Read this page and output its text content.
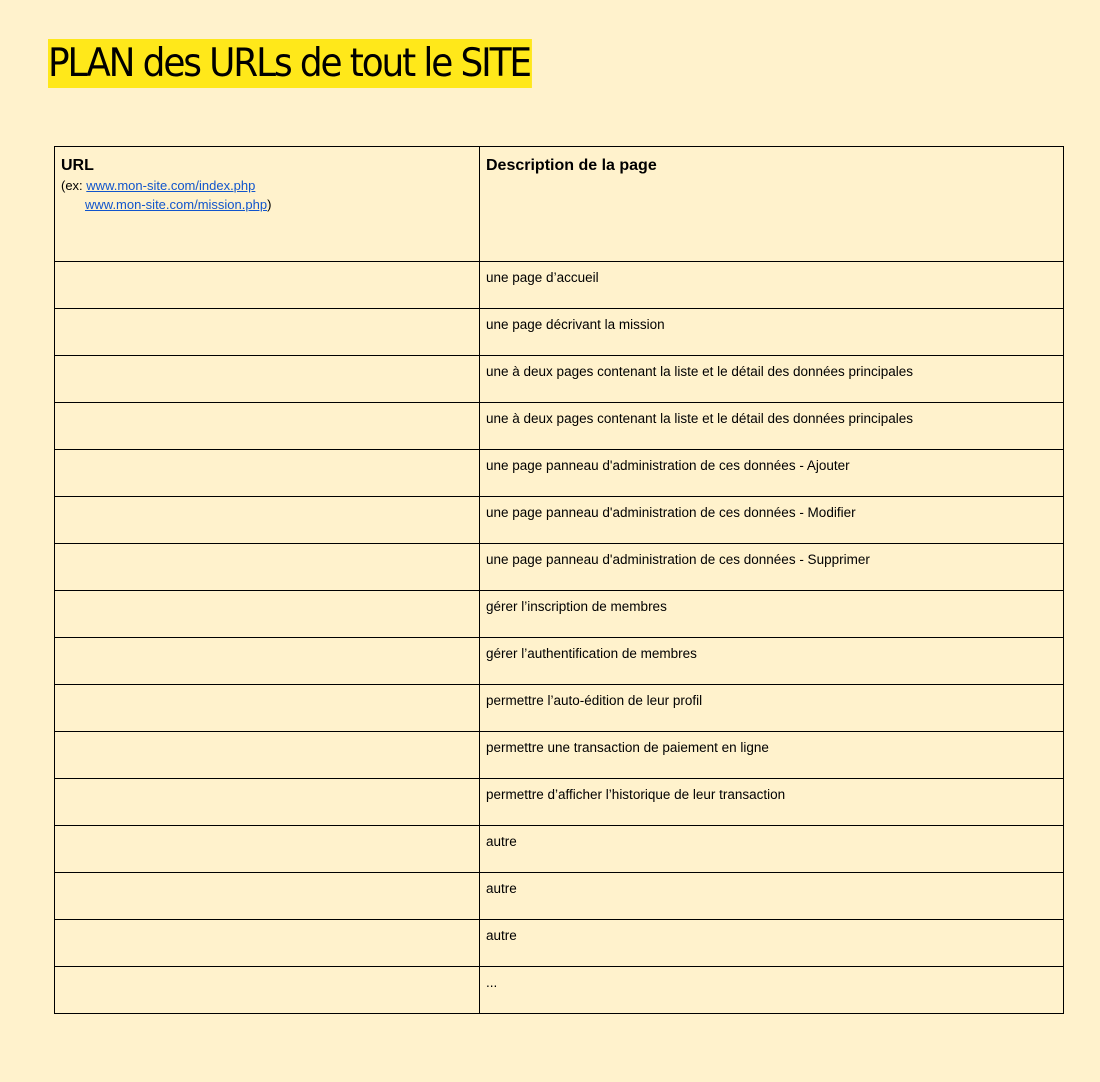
PLAN des URLs de tout le SITE
URL
(ex: www.mon-site.com/index.php
www.mon-site.com/mission.php)	Description de la page

	une page d’accueil
	une page décrivant la mission
	une à deux pages contenant la liste et le détail des données principales
	une à deux pages contenant la liste et le détail des données principales
	une page panneau d'administration de ces données - Ajouter
	une page panneau d'administration de ces données - Modifier
	une page panneau d'administration de ces données - Supprimer
	gérer l’inscription de membres
	gérer l’authentification de membres
	permettre l’auto-édition de leur profil
	permettre une transaction de paiement en ligne
	permettre d’afficher l’historique de leur transaction
	autre
	autre
	autre
	...
